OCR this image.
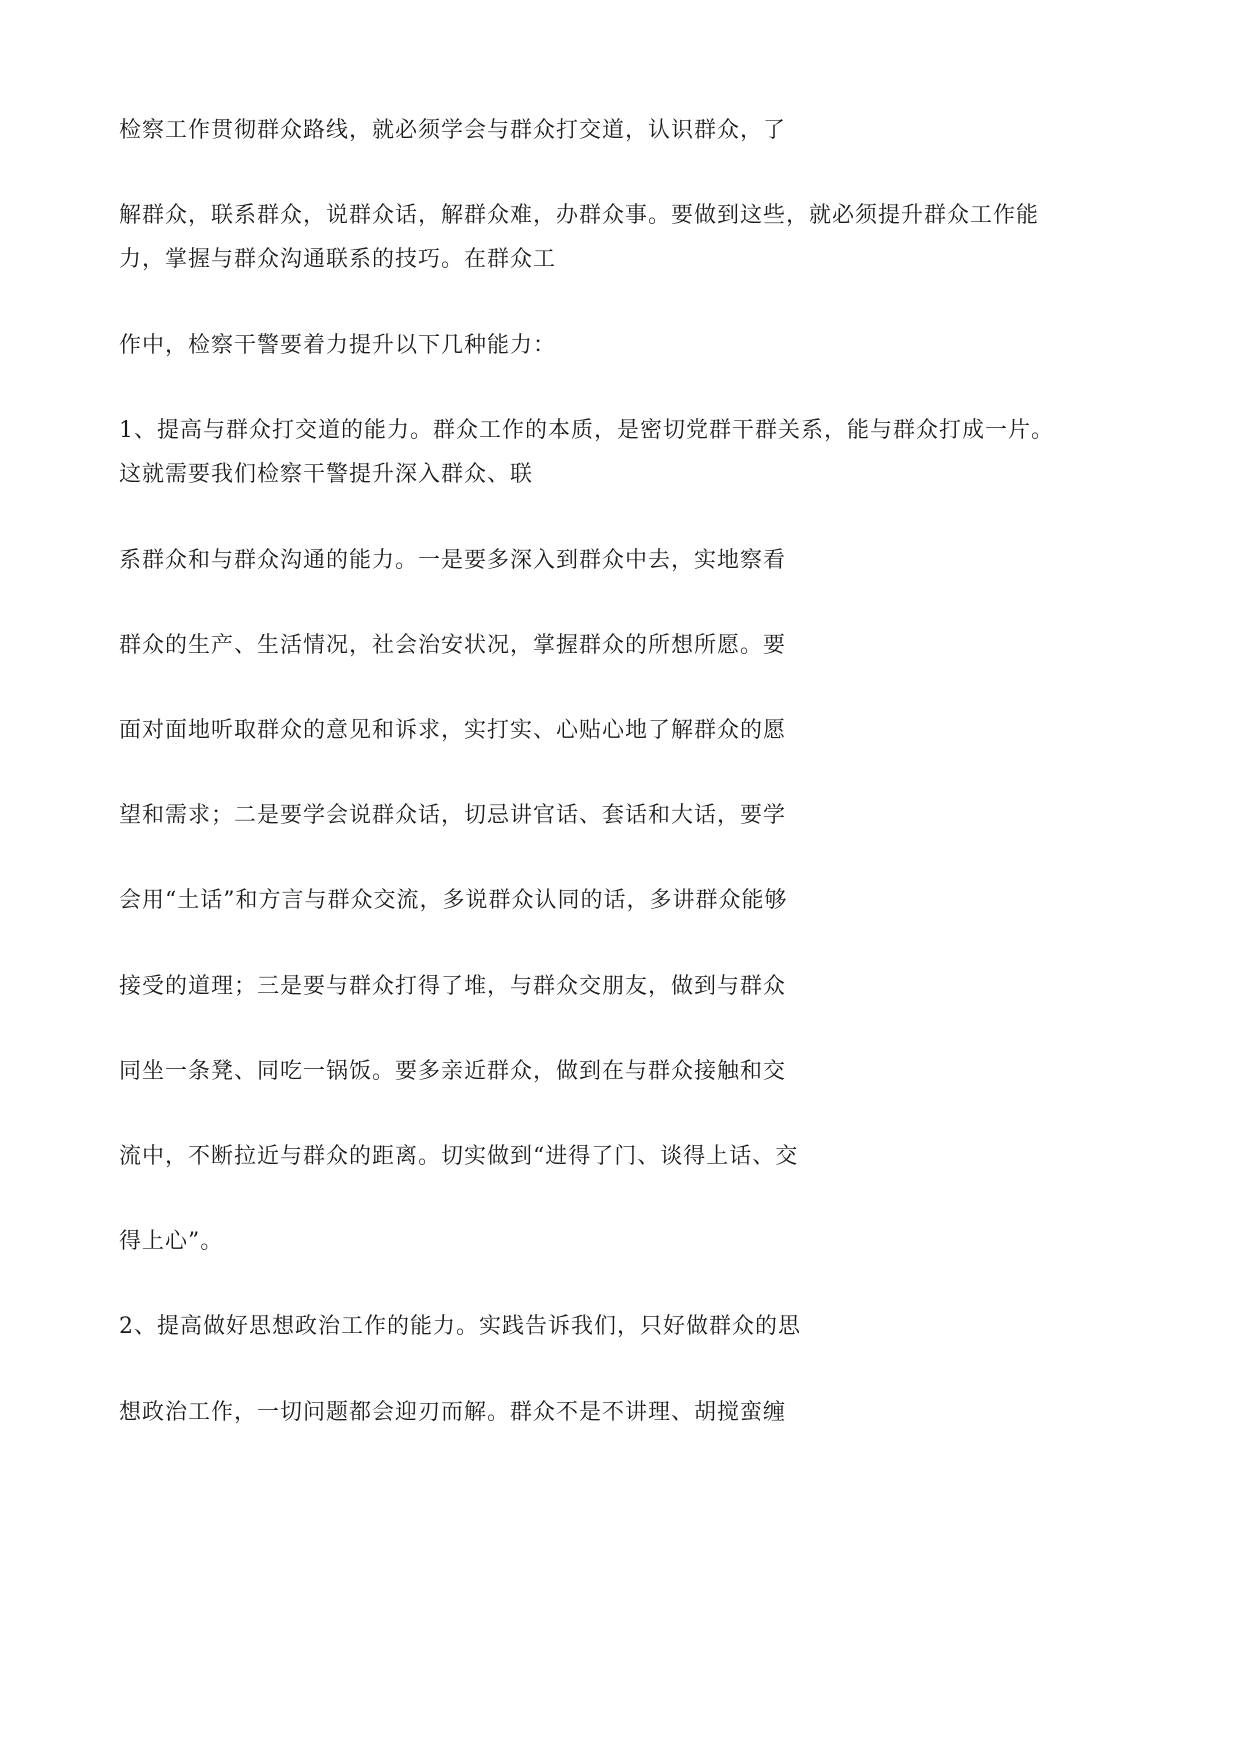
检察工作贯彻群众路线，就必须学会与群众打交道，认识群众，了
解群众，联系群众，说群众话，解群众难，办群众事。要做到这些，就必须提升群众工作能
力，掌握与群众沟通联系的技巧。在群众工
作中，检察干警要着力提升以下几种能力：
1、提高与群众打交道的能力。群众工作的本质，是密切党群干群关系，能与群众打成一片。
这就需要我们检察干警提升深入群众、联
系群众和与群众沟通的能力。一是要多深入到群众中去，实地察看
群众的生产、生活情况，社会治安状况，掌握群众的所想所愿。要
面对面地听取群众的意见和诉求，实打实、心贴心地了解群众的愿
望和需求；二是要学会说群众话，切忌讲官话、套话和大话，要学
会用“土话”和方言与群众交流，多说群众认同的话，多讲群众能够
接受的道理；三是要与群众打得了堆，与群众交朋友，做到与群众
同坐一条凳、同吃一锅饭。要多亲近群众，做到在与群众接触和交
流中，不断拉近与群众的距离。切实做到“进得了门、谈得上话、交
得上心”。
2、提高做好思想政治工作的能力。实践告诉我们，只好做群众的思
想政治工作，一切问题都会迎刃而解。群众不是不讲理、胡搅蛮缠
